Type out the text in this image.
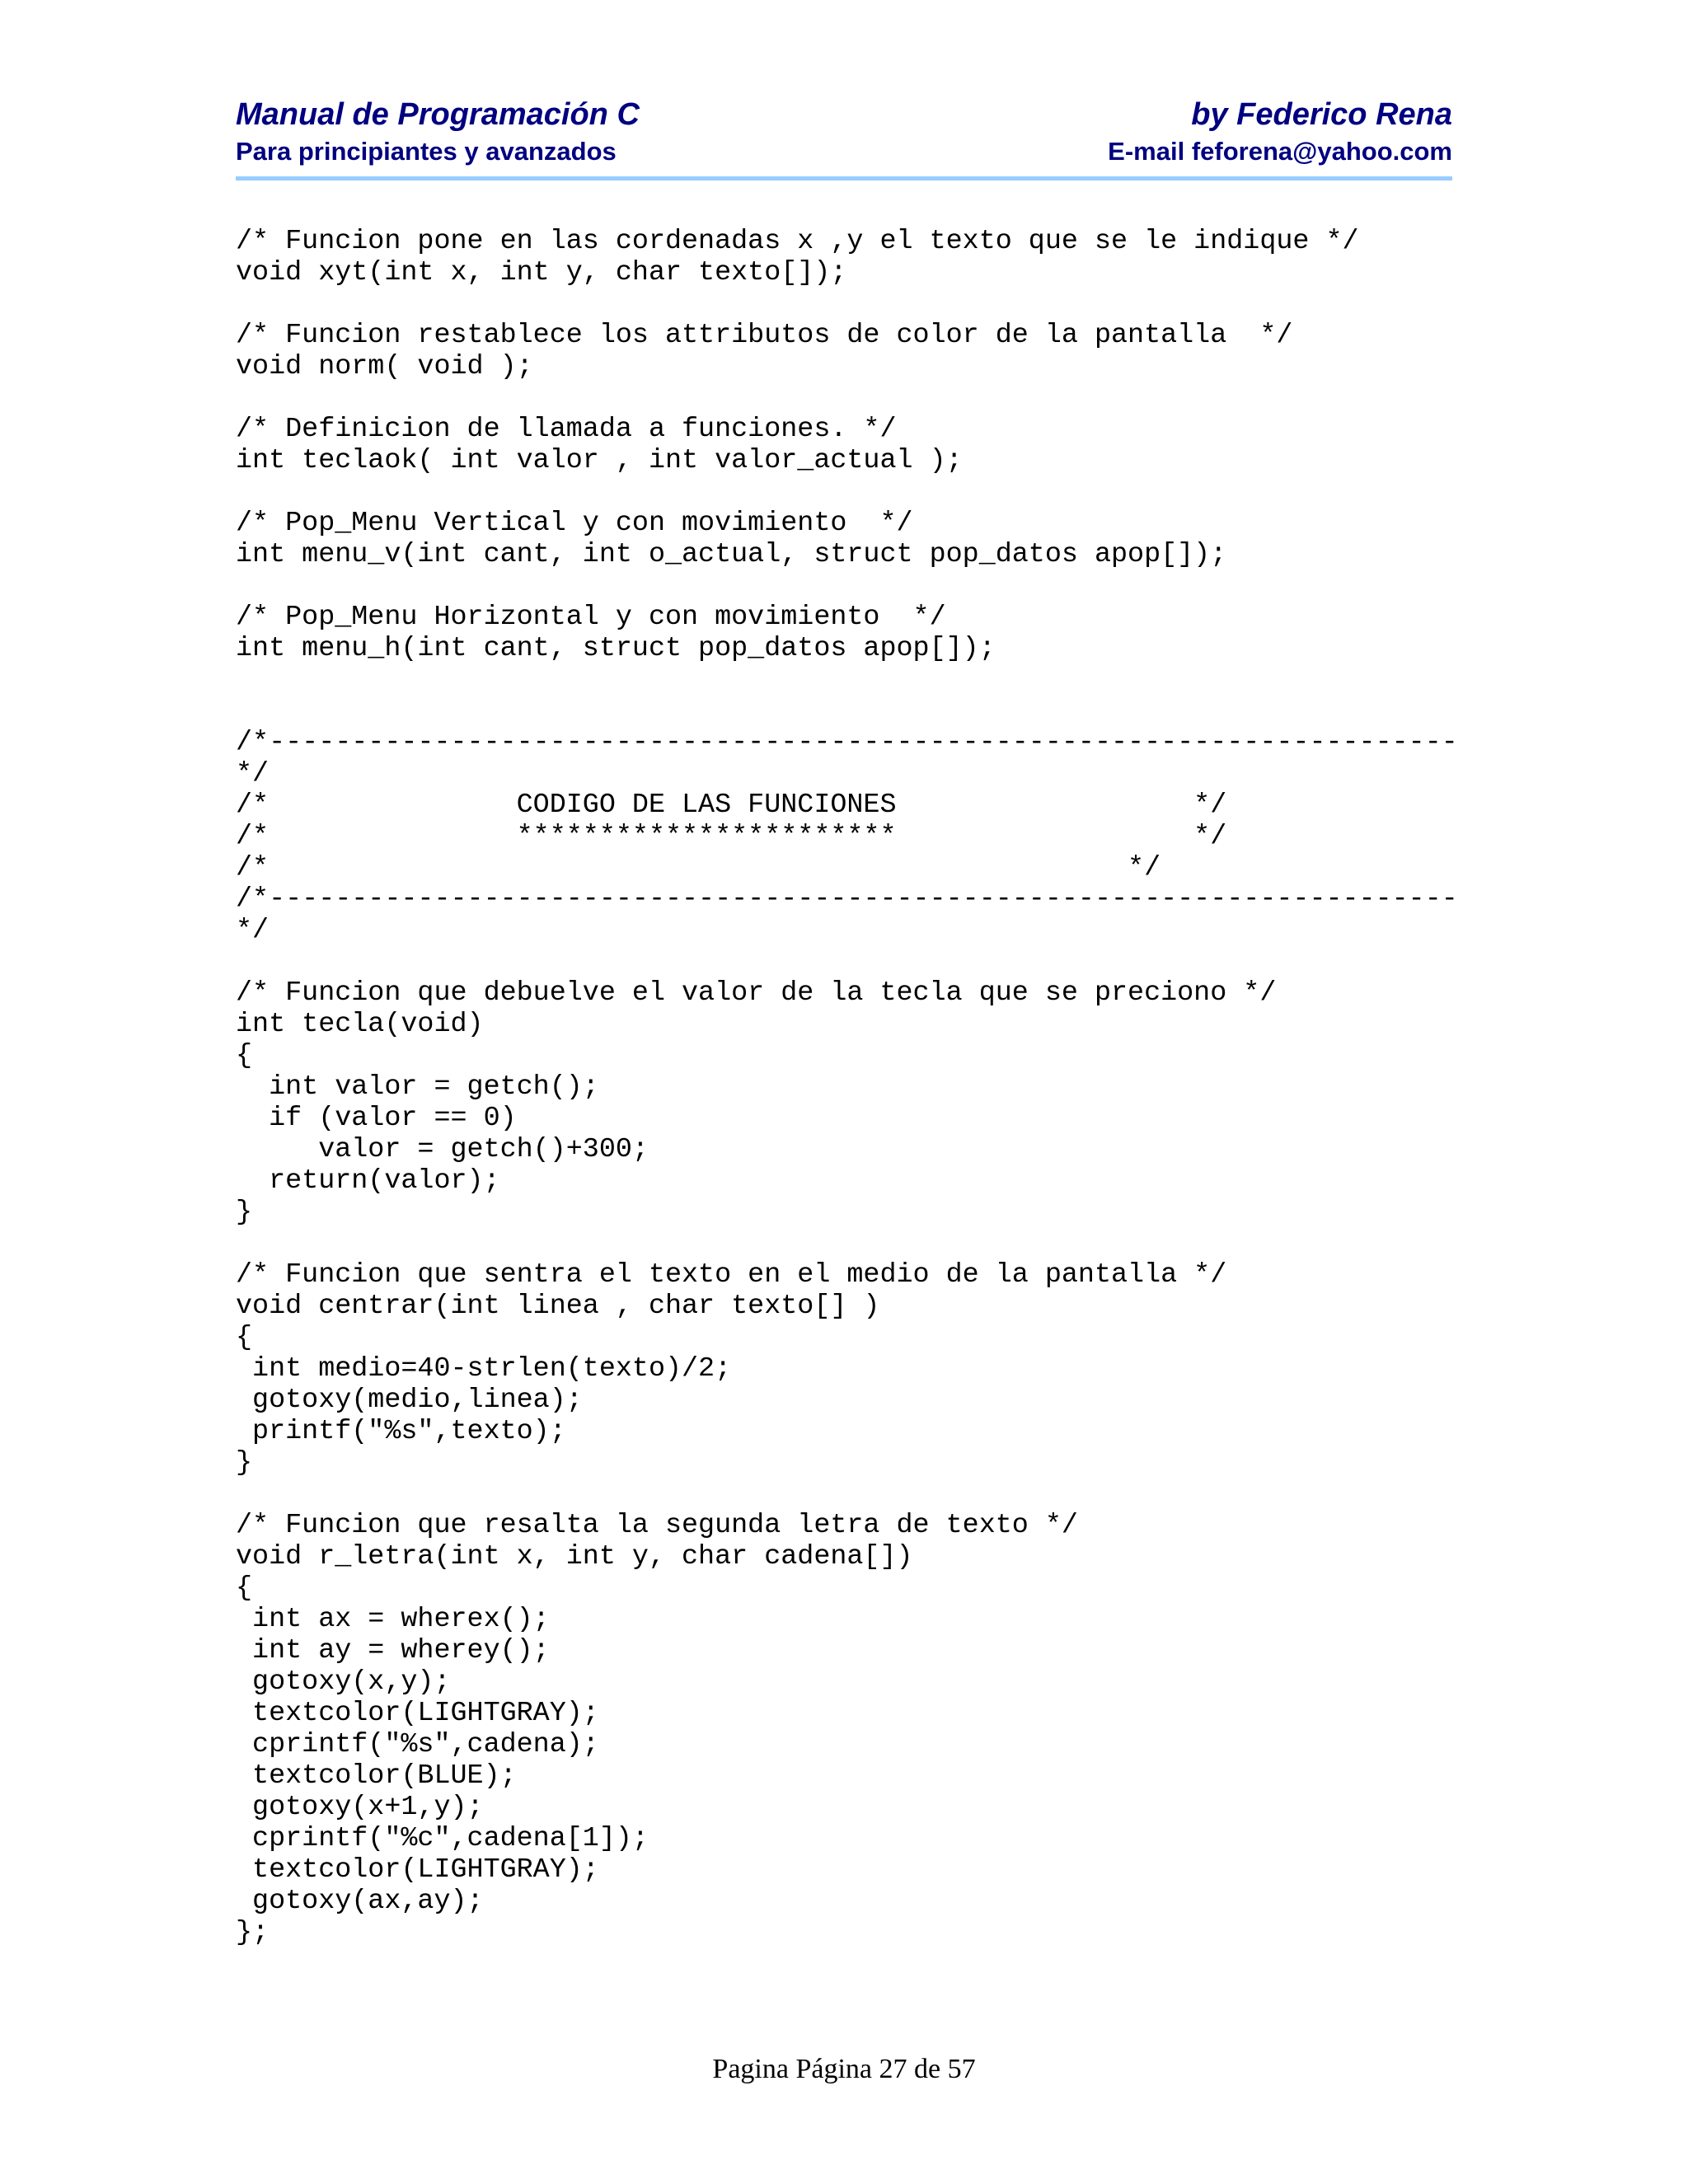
Manual de Programación C	by Federico Rena
Para principiantes y avanzados	E-mail feforena@yahoo.com
/* Funcion pone en las cordenadas x ,y el texto que se le indique */
void xyt(int x, int y, char texto[]);
/* Funcion restablece los attributos de color de la pantalla  */
void norm( void );
/* Definicion de llamada a funciones. */
int teclaok( int valor , int valor_actual );
/* Pop_Menu Vertical y con movimiento  */
int menu_v(int cant, int o_actual, struct pop_datos apop[]);
/* Pop_Menu Horizontal y con movimiento  */
int menu_h(int cant, struct pop_datos apop[]);
/*------------------------------------------------------------------------
*/
/*               CODIGO DE LAS FUNCIONES                  */
/*               ***********************                  */
/*                                                    */
/*------------------------------------------------------------------------
*/
/* Funcion que debuelve el valor de la tecla que se preciono */
int tecla(void)
{
int valor = getch();
if (valor == 0)
valor = getch()+300;
return(valor);
}
/* Funcion que sentra el texto en el medio de la pantalla */
void centrar(int linea , char texto[] )
{
int medio=40-strlen(texto)/2;
gotoxy(medio,linea);
printf("%s",texto);
}
/* Funcion que resalta la segunda letra de texto */
void r_letra(int x, int y, char cadena[])
{
int ax = wherex();
int ay = wherey();
gotoxy(x,y);
textcolor(LIGHTGRAY);
cprintf("%s",cadena);
textcolor(BLUE);
gotoxy(x+1,y);
cprintf("%c",cadena[1]);
textcolor(LIGHTGRAY);
gotoxy(ax,ay);
};
Pagina Página 27 de 57
